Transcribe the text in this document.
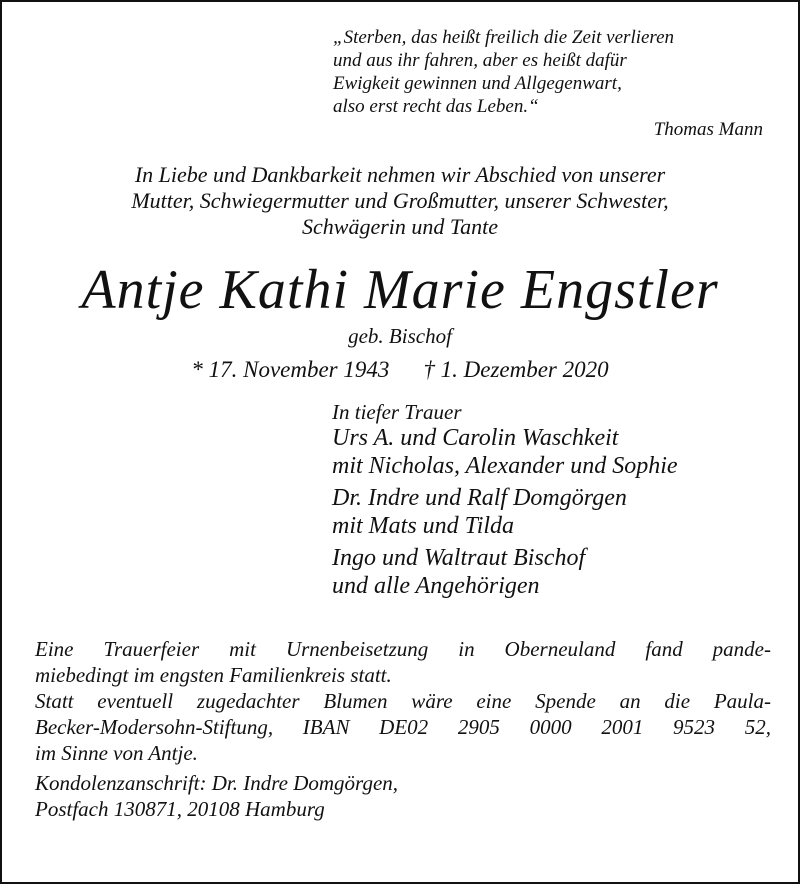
„Sterben, das heißt freilich die Zeit verlieren
und aus ihr fahren, aber es heißt dafür
Ewigkeit gewinnen und Allgegenwart,
also erst recht das Leben.“
Thomas Mann
In Liebe und Dankbarkeit nehmen wir Abschied von unserer
Mutter, Schwiegermutter und Großmutter, unserer Schwester,
Schwägerin und Tante
Antje Kathi Marie Engstler
geb. Bischof
* 17. November 1943 † 1. Dezember 2020
In tiefer Trauer
Urs A. und Carolin Waschkeit
mit Nicholas, Alexander und Sophie
Dr. Indre und Ralf Domgörgen
mit Mats und Tilda
Ingo und Waltraut Bischof
und alle Angehörigen
Eine Trauerfeier mit Urnenbeisetzung in Oberneuland fand pande-
miebedingt im engsten Familienkreis statt.
Statt eventuell zugedachter Blumen wäre eine Spende an die Paula-
Becker-Modersohn-Stiftung, IBAN DE02 2905 0000 2001 9523 52,
im Sinne von Antje.
Kondolenzanschrift: Dr. Indre Domgörgen,
Postfach 130871, 20108 Hamburg
